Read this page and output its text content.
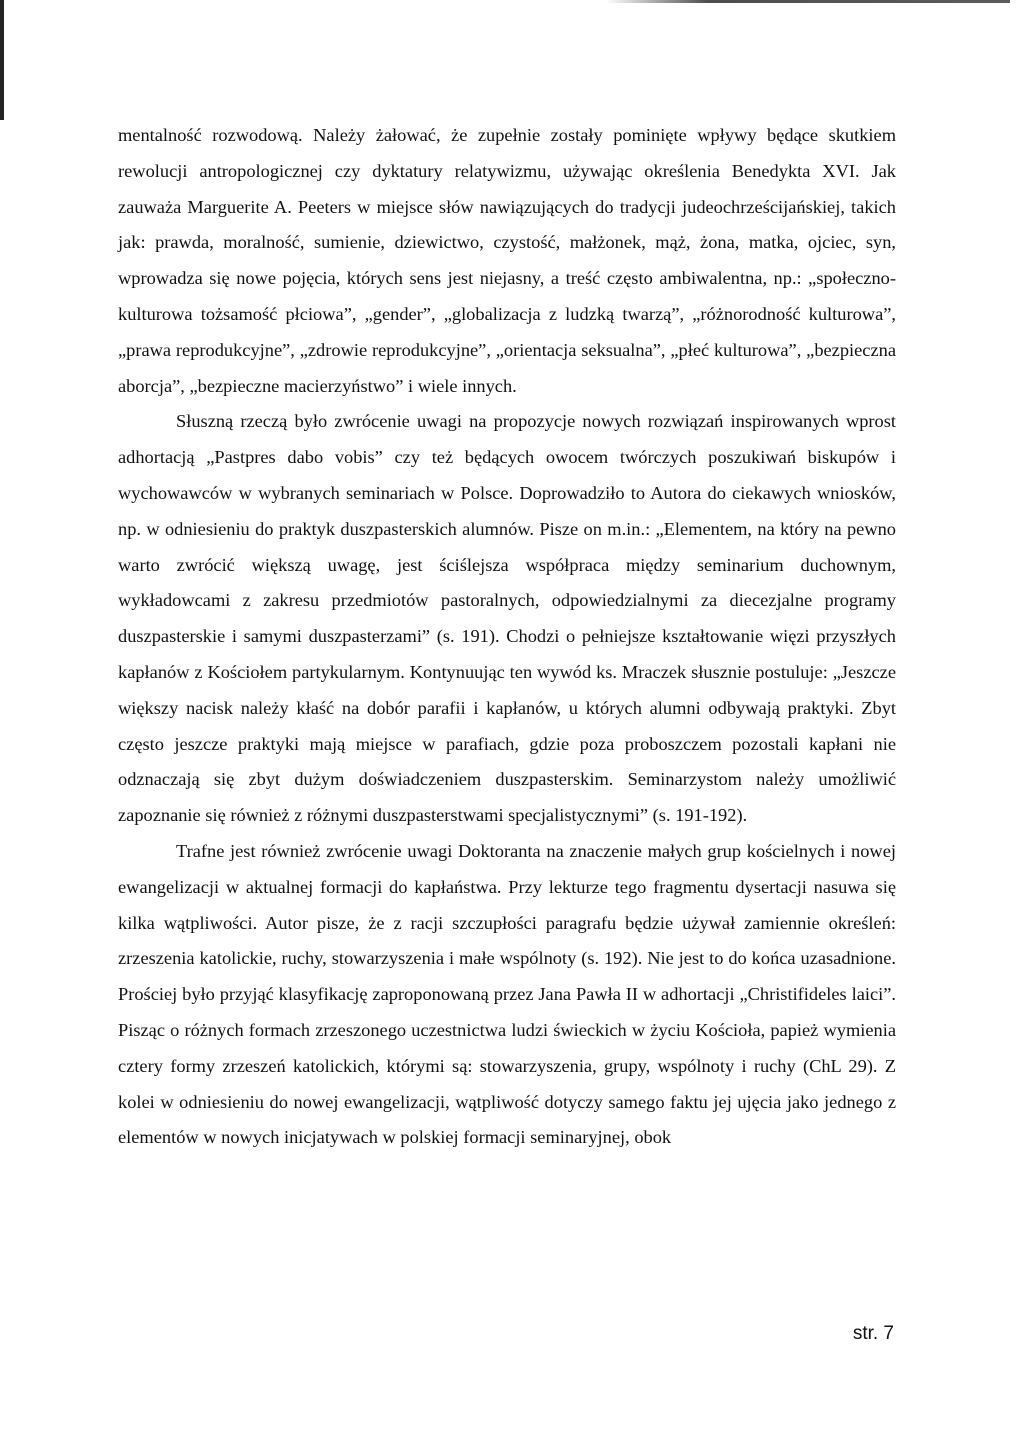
mentalność rozwodową. Należy żałować, że zupełnie zostały pominięte wpływy będące skutkiem rewolucji antropologicznej czy dyktatury relatywizmu, używając określenia Benedykta XVI. Jak zauważa Marguerite A. Peeters w miejsce słów nawiązujących do tradycji judeochrześcijańskiej, takich jak: prawda, moralność, sumienie, dziewictwo, czystość, małżonek, mąż, żona, matka, ojciec, syn, wprowadza się nowe pojęcia, których sens jest niejasny, a treść często ambiwalentna, np.: „społeczno-kulturowa tożsamość płciowa”, „gender”, „globalizacja z ludzką twarzą”, „różnorodność kulturowa”, „prawa reprodukcyjne”, „zdrowie reprodukcyjne”, „orientacja seksualna”, „płeć kulturowa”, „bezpieczna aborcja”, „bezpieczne macierzyństwo” i wiele innych.

Słuszną rzeczą było zwrócenie uwagi na propozycje nowych rozwiązań inspirowanych wprost adhortacją „Pastpres dabo vobis” czy też będących owocem twórczych poszukiwań biskupów i wychowawców w wybranych seminariach w Polsce. Doprowadziło to Autora do ciekawych wniosków, np. w odniesieniu do praktyk duszpasterskich alumnów. Pisze on m.in.: „Elementem, na który na pewno warto zwrócić większą uwagę, jest ściślejsza współpraca między seminarium duchownym, wykładowcami z zakresu przedmiotów pastoralnych, odpowiedzialnymi za diecezjalne programy duszpasterskie i samymi duszpasterzami” (s. 191). Chodzi o pełniejsze kształtowanie więzi przyszłych kapłanów z Kościołem partykularnym. Kontynuując ten wywód ks. Mraczek słusznie postuluje: „Jeszcze większy nacisk należy kłaść na dobór parafii i kapłanów, u których alumni odbywają praktyki. Zbyt często jeszcze praktyki mają miejsce w parafiach, gdzie poza proboszczem pozostali kapłani nie odznaczają się zbyt dużym doświadczeniem duszpasterskim. Seminarzystom należy umożliwić zapoznanie się również z różnymi duszpasterstwami specjalistycznymi” (s. 191-192).

Trafne jest również zwrócenie uwagi Doktoranta na znaczenie małych grup kościelnych i nowej ewangelizacji w aktualnej formacji do kapłaństwa. Przy lekturze tego fragmentu dysertacji nasuwa się kilka wątpliwości. Autor pisze, że z racji szczupłości paragrafu będzie używał zamiennie określeń: zrzeszenia katolickie, ruchy, stowarzyszenia i małe wspólnoty (s. 192). Nie jest to do końca uzasadnione. Prościej było przyjąć klasyfikację zaproponowaną przez Jana Pawła II w adhortacji „Christifideles laici”. Pisząc o różnych formach zrzeszonego uczestnictwa ludzi świeckich w życiu Kościoła, papież wymienia cztery formy zrzeszeń katolickich, którymi są: stowarzyszenia, grupy, wspólnoty i ruchy (ChL 29). Z kolei w odniesieniu do nowej ewangelizacji, wątpliwość dotyczy samego faktu jej ujęcia jako jednego z elementów w nowych inicjatywach w polskiej formacji seminaryjnej, obok

str. 7
